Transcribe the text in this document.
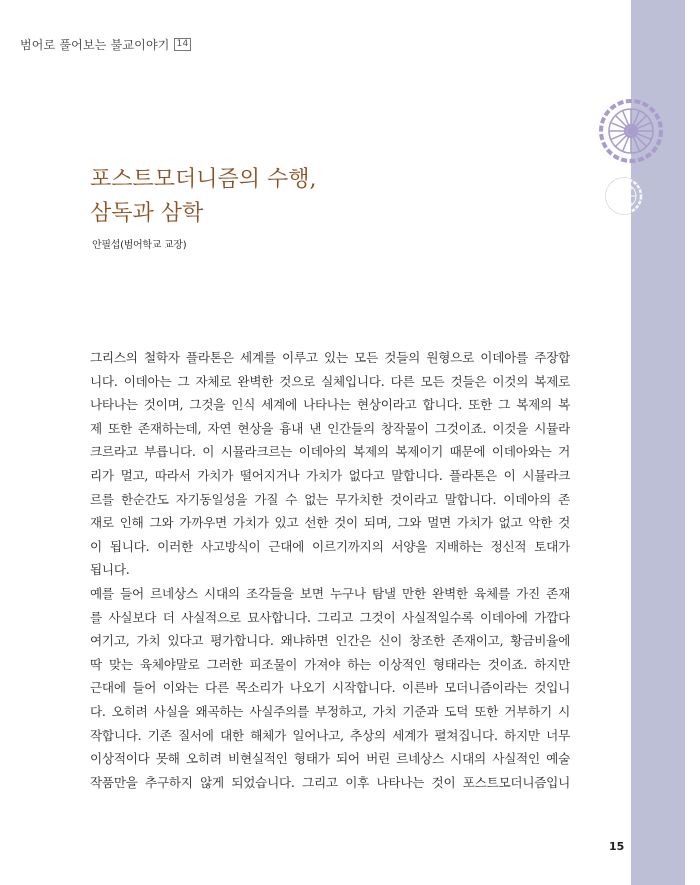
범어로 풀어보는 불교이야기 14
포스트모더니즘의 수행,
삼독과 삼학
안필섭(범어학교 교장)
그리스의 철학자 플라톤은 세계를 이루고 있는 모든 것들의 원형으로 이데아를 주장합
니다. 이데아는 그 자체로 완벽한 것으로 실체입니다. 다른 모든 것들은 이것의 복제로
나타나는 것이며, 그것을 인식 세계에 나타나는 현상이라고 합니다. 또한 그 복제의 복
제 또한 존재하는데, 자연 현상을 흉내 낸 인간들의 창작물이 그것이죠. 이것을 시뮬라
크르라고 부릅니다. 이 시뮬라크르는 이데아의 복제의 복제이기 때문에 이데아와는 거
리가 멀고, 따라서 가치가 떨어지거나 가치가 없다고 말합니다. 플라톤은 이 시뮬라크
르를 한순간도 자기동일성을 가질 수 없는 무가치한 것이라고 말합니다. 이데아의 존
재로 인해 그와 가까우면 가치가 있고 선한 것이 되며, 그와 멀면 가치가 없고 악한 것
이 됩니다. 이러한 사고방식이 근대에 이르기까지의 서양을 지배하는 정신적 토대가
됩니다.
예를 들어 르네상스 시대의 조각들을 보면 누구나 탐낼 만한 완벽한 육체를 가진 존재
를 사실보다 더 사실적으로 묘사합니다. 그리고 그것이 사실적일수록 이데아에 가깝다
여기고, 가치 있다고 평가합니다. 왜냐하면 인간은 신이 창조한 존재이고, 황금비율에
딱 맞는 육체야말로 그러한 피조물이 가져야 하는 이상적인 형태라는 것이죠. 하지만
근대에 들어 이와는 다른 목소리가 나오기 시작합니다. 이른바 모더니즘이라는 것입니
다. 오히려 사실을 왜곡하는 사실주의를 부정하고, 가치 기준과 도덕 또한 거부하기 시
작합니다. 기존 질서에 대한 해체가 일어나고, 추상의 세계가 펼쳐집니다. 하지만 너무
이상적이다 못해 오히려 비현실적인 형태가 되어 버린 르네상스 시대의 사실적인 예술
작품만을 추구하지 않게 되었습니다. 그리고 이후 나타나는 것이 포스트모더니즘입니
15
